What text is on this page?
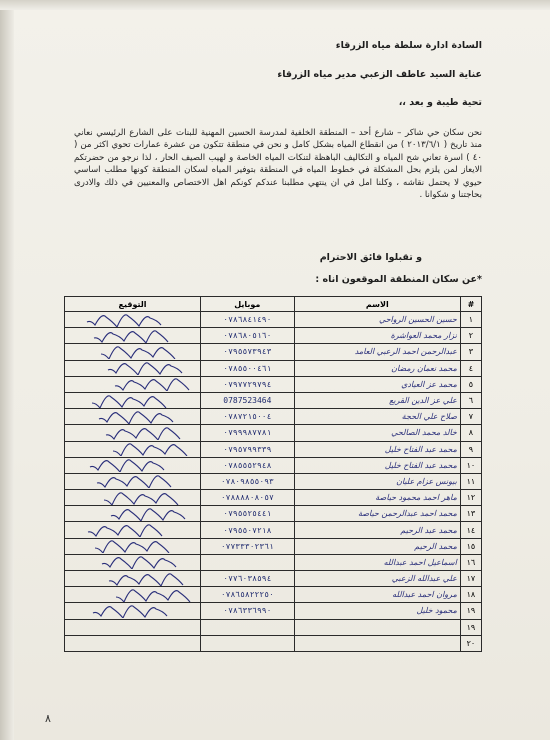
السادة ادارة سلطة مياه الزرقاء
عناية السيد عاطف الزعبي مدير مياه الزرقاء
تحية طيبة و بعد ،،
نحن سكان حي شاكر – شارع أحد – المنطقة الخلفية لمدرسة الحسين المهنية للبنات على الشارع الرئيسي نعاني منذ تاريخ ( ٢٠١٣/٦/١ ) من انقطاع المياه بشكل كامل و نحن في منطقة تتكون من عشرة عمارات تحوي اكثر من ( ٤٠ ) اسرة تعاني شح المياه و التكاليف الباهظة لتنكات المياه الخاصة و لهيب الصيف الحار ، لذا نرجو من حضرتكم الايعاز لمن يلزم بحل المشكلة في خطوط المياه في المنطقة بتوفير المياه لسكان المنطقة كونها مطلب اساسي حيوي لا يحتمل نقاشه ، وكلنا امل في ان ينتهي مطلبنا عندكم كونكم اهل الاختصاص والمعنيين في ذلك والادرى بحاجتنا و شكوانا .
و تقبلوا فائق الاحترام
*عن سكان المنطقة الموقعون اناه :
#	الاسم	موبايل	التوقيع
١	حسين الحسين الرواحي	٠٧٨٦٨٤١٤٩٠	

٢	نزار محمد العواشرة	٠٧٨٦٨٠٥١٦٠	

٣	عبدالرحمن احمد الرعبي العامد	٠٧٩٥٥٧٣٩٤٣	

٤	محمد نعمان رمضان	٠٧٨٥٥٠٠٤٦١	

٥	محمد عز العيادي	٠٧٩٧٧٢٩٧٩٤	

٦	علي عز الدين القريع	0787523464	

٧	صلاح علي الحجة	٠٧٨٧٢١٥٠٠٤	

٨	خالد محمد الصالحي	٠٧٩٩٩٨٧٧٨١	

٩	محمد عبد الفتاح خليل	٠٧٩٥٧٩٩٣٣٩	

١٠	محمد عبد الفتاح خليل	٠٧٨٥٥٥٢٩٤٨	

١١	بيونس عزام عليان	٠٧٨٠٩٨٥٥٠٩٣	

١٢	ماهر احمد محمود حياصة	٠٧٨٨٨٨٠٨٠٥٧	

١٣	محمد احمد عبدالرحمن حياصة	٠٧٩٥٥٢٥٤٤١	

١٤	محمد عبد الرحيم	٠٧٩٥٥٠٧٢١٨	

١٥	محمد الرحيم	٠٧٧٣٣٣٠٢٣٦١	

١٦	اسماعيل احمد عبدالله		

١٧	علي عبدالله الزعبي	٠٧٧٦٠٣٨٥٩٤	

١٨	مروان احمد عبدالله	٠٧٨٦٥٨٢٢٢٥٠	

١٩	محمود خليل	٠٧٨٦٣٣٦٩٩٠	

١٩			
٢٠			
٨
